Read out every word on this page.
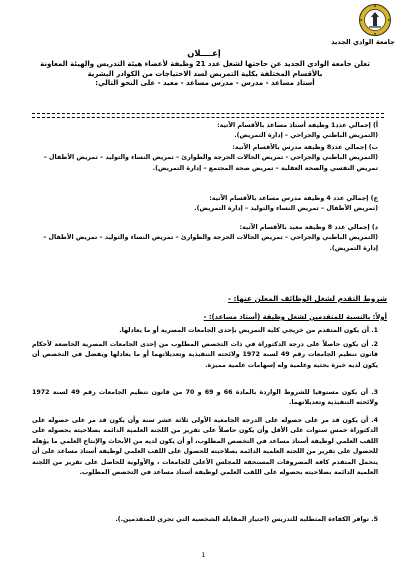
جامعة الوادي الجديد
إعــــلان
تعلن جامعة الوادي الجديد عن حاجتها لشغل عدد 21 وظيفة لأعضاء هيئة التدريس والهيئة المعاونة
بالأقسام المختلفة بكلية التمريض لسد الاحتياجات من الكوادر البشرية
أستاذ مساعد - مدرس - مدرس مساعد - معيد - على النحو التالي:
أ) إجمالي عدد1 وظيفة أستاذ مساعد بالأقسام الآتية:
(التمريض الباطني والجراحي – إدارة التمريض).
ب) إجمالي عدد8 وظيفة مدرس بالأقسام الآتية:
(التمريض الباطني والجراحي - تمريض الحالات الحرجة والطوارئ – تمريض النساء والتوليد – تمريض الأطفال – تمريض النفسي والصحة العقلية – تمريض صحة المجتمع – إدارة التمريض).
ج) إجمالي عدد 4 وظيفة مدرس مساعد بالأقسام الآتية:
(تمريض الأطفال – تمريض النساء والتوليد – إدارة التمريض).
د) إجمالي عدد 8 وظيفة معيد بالأقسام الآتية:
(التمريض الباطني والجراحي – تمريض الحالات الحرجة والطوارئ – تمريض النساء والتوليد – تمريض الأطفال – إدارة التمريض).
شروط التقدم لشغل الوظائف المعلن عنها: -
أولاً: بالنسبة للمتقدمين لشغل وظيفة (أستاذ مساعد): -
1. أن يكون المتقدم من خريجي كلية التمريض بإحدى الجامعات المصرية أو ما يعادلها.
2. أن يكون حاصلاً على درجة الدكتوراة في ذات التخصص المطلوب من إحدى الجامعات المصرية الخاضعة لأحكام قانون تنظيم الجامعات رقم 49 لسنة 1972 ولائحته التنفيذية وتعديلاتهما أو ما يعادلها ويفضل في التخصص أن يكون لديه خبرة بحثية وعلمية وله إسهامات علمية مميزة.
3. أن يكون مستوفيا للشروط الواردة بالمادة 66 و 69 و 70 من قانون تنظيم الجامعات رقم 49 لسنة 1972 ولائحته التنفيذية وتعديلاتهما.
4. أن يكون قد مر على حصوله على الدرجة الجامعية الأولى ثلاثة عشر سنة وأن يكون قد مر على حصوله على الدكتوراة خمس سنوات على الأقل وأن يكون حاصلاً على تقرير من اللجنة العلمية الدائمة بصلاحيته بحصوله على اللقب العلمي لوظيفة أستاذ مساعد في التخصص المطلوب، أو أن يكون لديه من الأبحاث والإنتاج العلمي ما يؤهله للحصول على تقرير من اللجنة العلمية الدائمة بصلاحيته للحصول على اللقب العلمي لوظيفة أستاذ مساعد على أن يتحمل المتقدم كافة المصروفات المستحقة للمجلس الأعلى للجامعات ، والأولوية للحاصل على تقرير من اللجنة العلمية الدائمة بصلاحيته بحصوله على اللقب العلمي لوظيفة أستاذ مساعد في التخصص المطلوب.
5. توافر الكفاءة المتطلبة للتدريس (اجتياز المقابلة الشخصية التي تجرى للمتقدمين.).
1
